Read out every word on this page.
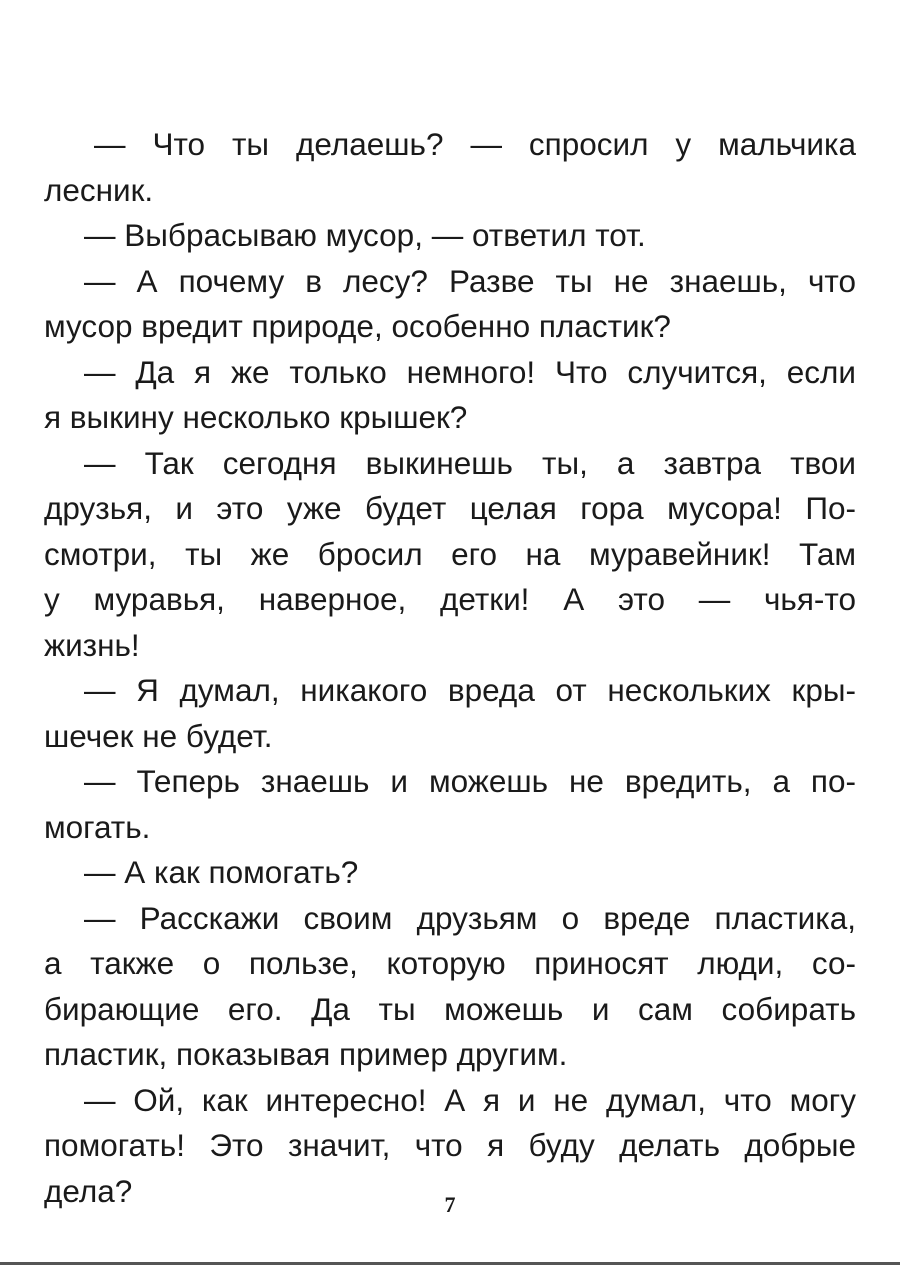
— Что ты делаешь? — спросил у мальчика
лесник.
— Выбрасываю мусор, — ответил тот.
— А почему в лесу? Разве ты не знаешь, что
мусор вредит природе, особенно пластик?
— Да я же только немного! Что случится, если
я выкину несколько крышек?
— Так сегодня выкинешь ты, а завтра твои
друзья, и это уже будет целая гора мусора! По-
смотри, ты же бросил его на муравейник! Там
у муравья, наверное, детки! А это — чья-то
жизнь!
— Я думал, никакого вреда от нескольких кры-
шечек не будет.
— Теперь знаешь и можешь не вредить, а по-
могать.
— А как помогать?
— Расскажи своим друзьям о вреде пластика,
а также о пользе, которую приносят люди, со-
бирающие его. Да ты можешь и сам собирать
пластик, показывая пример другим.
— Ой, как интересно! А я и не думал, что могу
помогать! Это значит, что я буду делать добрые
дела?	7
